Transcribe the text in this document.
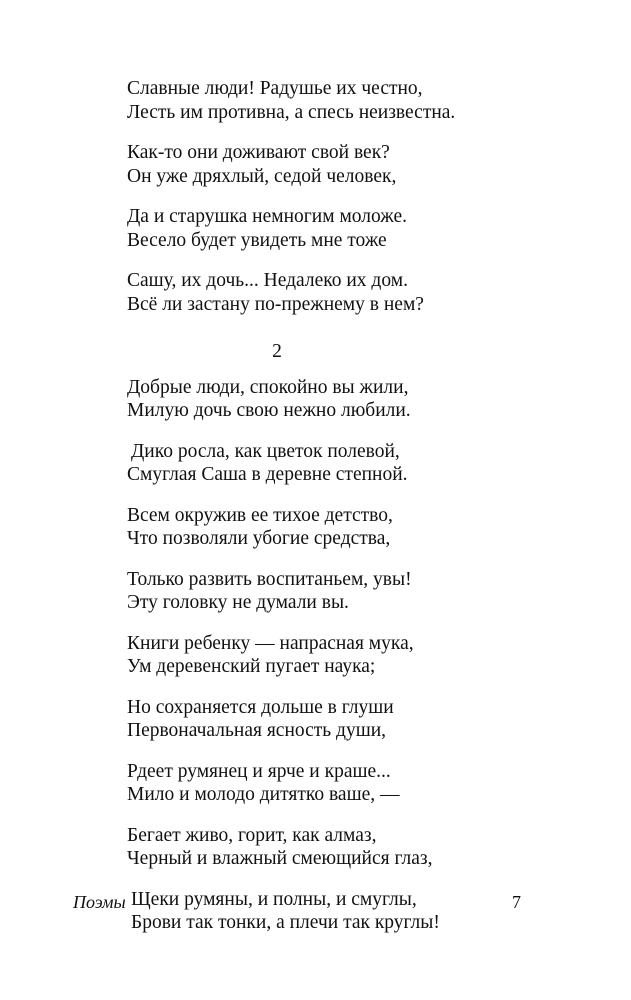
Славные люди! Радушье их честно,
Лесть им противна, а спесь неизвестна.
Как-то они доживают свой век?
Он уже дряхлый, седой человек,
Да и старушка немногим моложе.
Весело будет увидеть мне тоже
Сашу, их дочь... Недалеко их дом.
Всё ли застану по-прежнему в нем?
2
Добрые люди, спокойно вы жили,
Милую дочь свою нежно любили.
Дико росла, как цветок полевой,
Смуглая Саша в деревне степной.
Всем окружив ее тихое детство,
Что позволяли убогие средства,
Только развить воспитаньем, увы!
Эту головку не думали вы.
Книги ребенку — напрасная мука,
Ум деревенский пугает наука;
Но сохраняется дольше в глуши
Первоначальная ясность души,
Рдеет румянец и ярче и краше...
Мило и молодо дитятко ваше, —
Бегает живо, горит, как алмаз,
Черный и влажный смеющийся глаз,
Щеки румяны, и полны, и смуглы,
Брови так тонки, а плечи так круглы!
Поэмы	7
